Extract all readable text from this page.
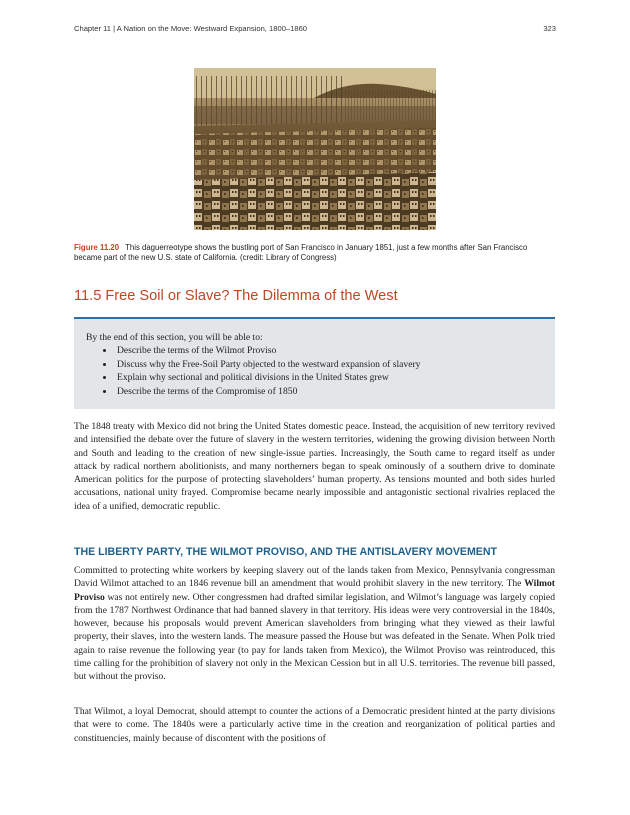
Chapter 11 | A Nation on the Move: Westward Expansion, 1800–1860	323

Figure 11.20 This daguerreotype shows the bustling port of San Francisco in January 1851, just a few months after San Francisco became part of the new U.S. state of California. (credit: Library of Congress)

11.5 Free Soil or Slave? The Dilemma of the West
By the end of this section, you will be able to:
• Describe the terms of the Wilmot Proviso
• Discuss why the Free-Soil Party objected to the westward expansion of slavery
• Explain why sectional and political divisions in the United States grew
• Describe the terms of the Compromise of 1850

The 1848 treaty with Mexico did not bring the United States domestic peace. Instead, the acquisition of new territory revived and intensified the debate over the future of slavery in the western territories, widening the growing division between North and South and leading to the creation of new single-issue parties. Increasingly, the South came to regard itself as under attack by radical northern abolitionists, and many northerners began to speak ominously of a southern drive to dominate American politics for the purpose of protecting slaveholders’ human property. As tensions mounted and both sides hurled accusations, national unity frayed. Compromise became nearly impossible and antagonistic sectional rivalries replaced the idea of a unified, democratic republic.

THE LIBERTY PARTY, THE WILMOT PROVISO, AND THE ANTISLAVERY MOVEMENT

Committed to protecting white workers by keeping slavery out of the lands taken from Mexico, Pennsylvania congressman David Wilmot attached to an 1846 revenue bill an amendment that would prohibit slavery in the new territory. The Wilmot Proviso was not entirely new. Other congressmen had drafted similar legislation, and Wilmot’s language was largely copied from the 1787 Northwest Ordinance that had banned slavery in that territory. His ideas were very controversial in the 1840s, however, because his proposals would prevent American slaveholders from bringing what they viewed as their lawful property, their slaves, into the western lands. The measure passed the House but was defeated in the Senate. When Polk tried again to raise revenue the following year (to pay for lands taken from Mexico), the Wilmot Proviso was reintroduced, this time calling for the prohibition of slavery not only in the Mexican Cession but in all U.S. territories. The revenue bill passed, but without the proviso.

That Wilmot, a loyal Democrat, should attempt to counter the actions of a Democratic president hinted at the party divisions that were to come. The 1840s were a particularly active time in the creation and reorganization of political parties and constituencies, mainly because of discontent with the positions of
